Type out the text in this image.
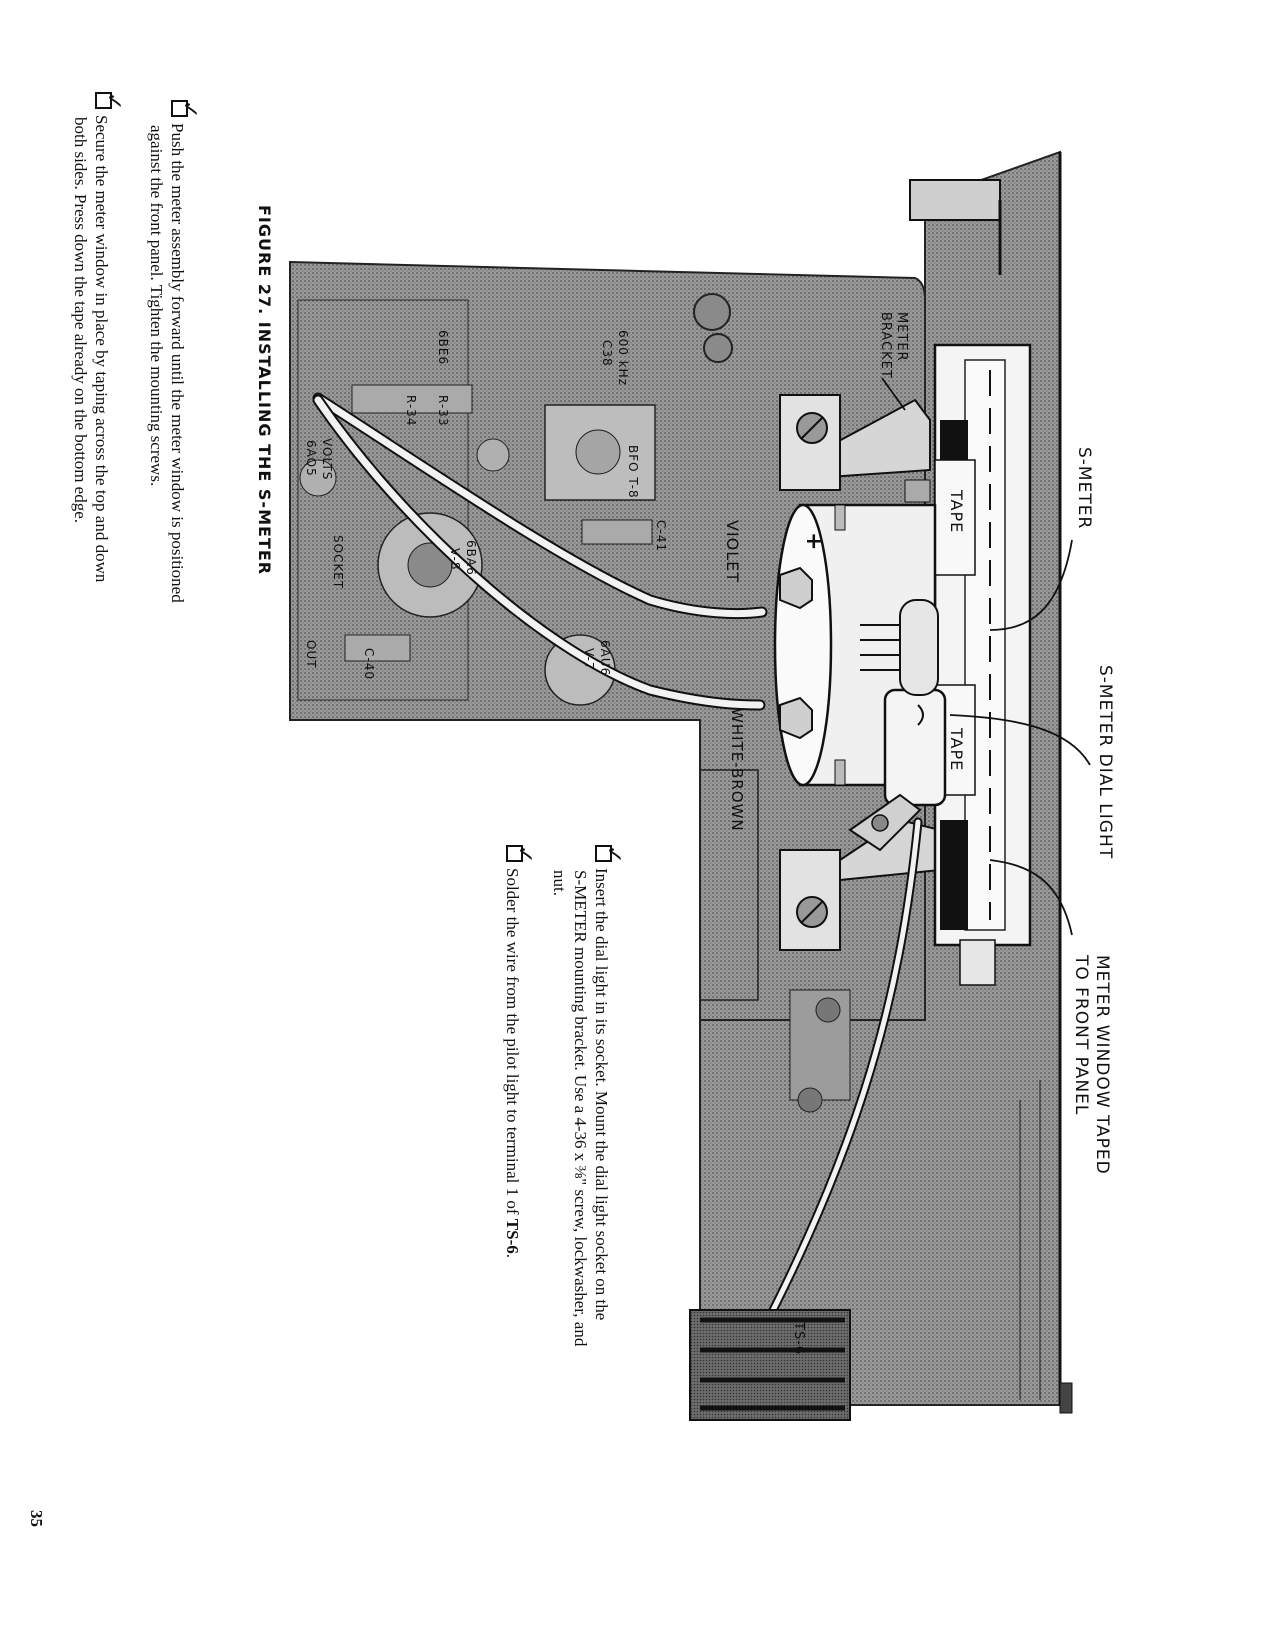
S-METER
S-METER DIAL LIGHT
METER WINDOW TAPED
TO FRONT PANEL
METER
BRACKET
TAPE
TAPE
VIOLET
WHITE-BROWN
+
TS-6
600 kHz
C38
BFO T-8
6BA6
V-8
6AU6
V-7
6BE6
R-33
R-34
C-41
VOLTS
6AQ5
SOCKET
OUT	C-40
FIGURE 27. INSTALLING THE S-METER
✓
Push the meter assembly forward until the meter window is positioned
against the front panel. Tighten the mounting screws.
✓
Secure the meter window in place by taping across the top and down
both sides. Press down the tape already on the bottom edge.
✓
Insert the dial light in its socket. Mount the dial light socket on the
S-METER mounting bracket. Use a 4-36 x ⅜" screw, lockwasher, and
nut.
✓
Solder the wire from the pilot light to terminal 1 of TS-6.
35
